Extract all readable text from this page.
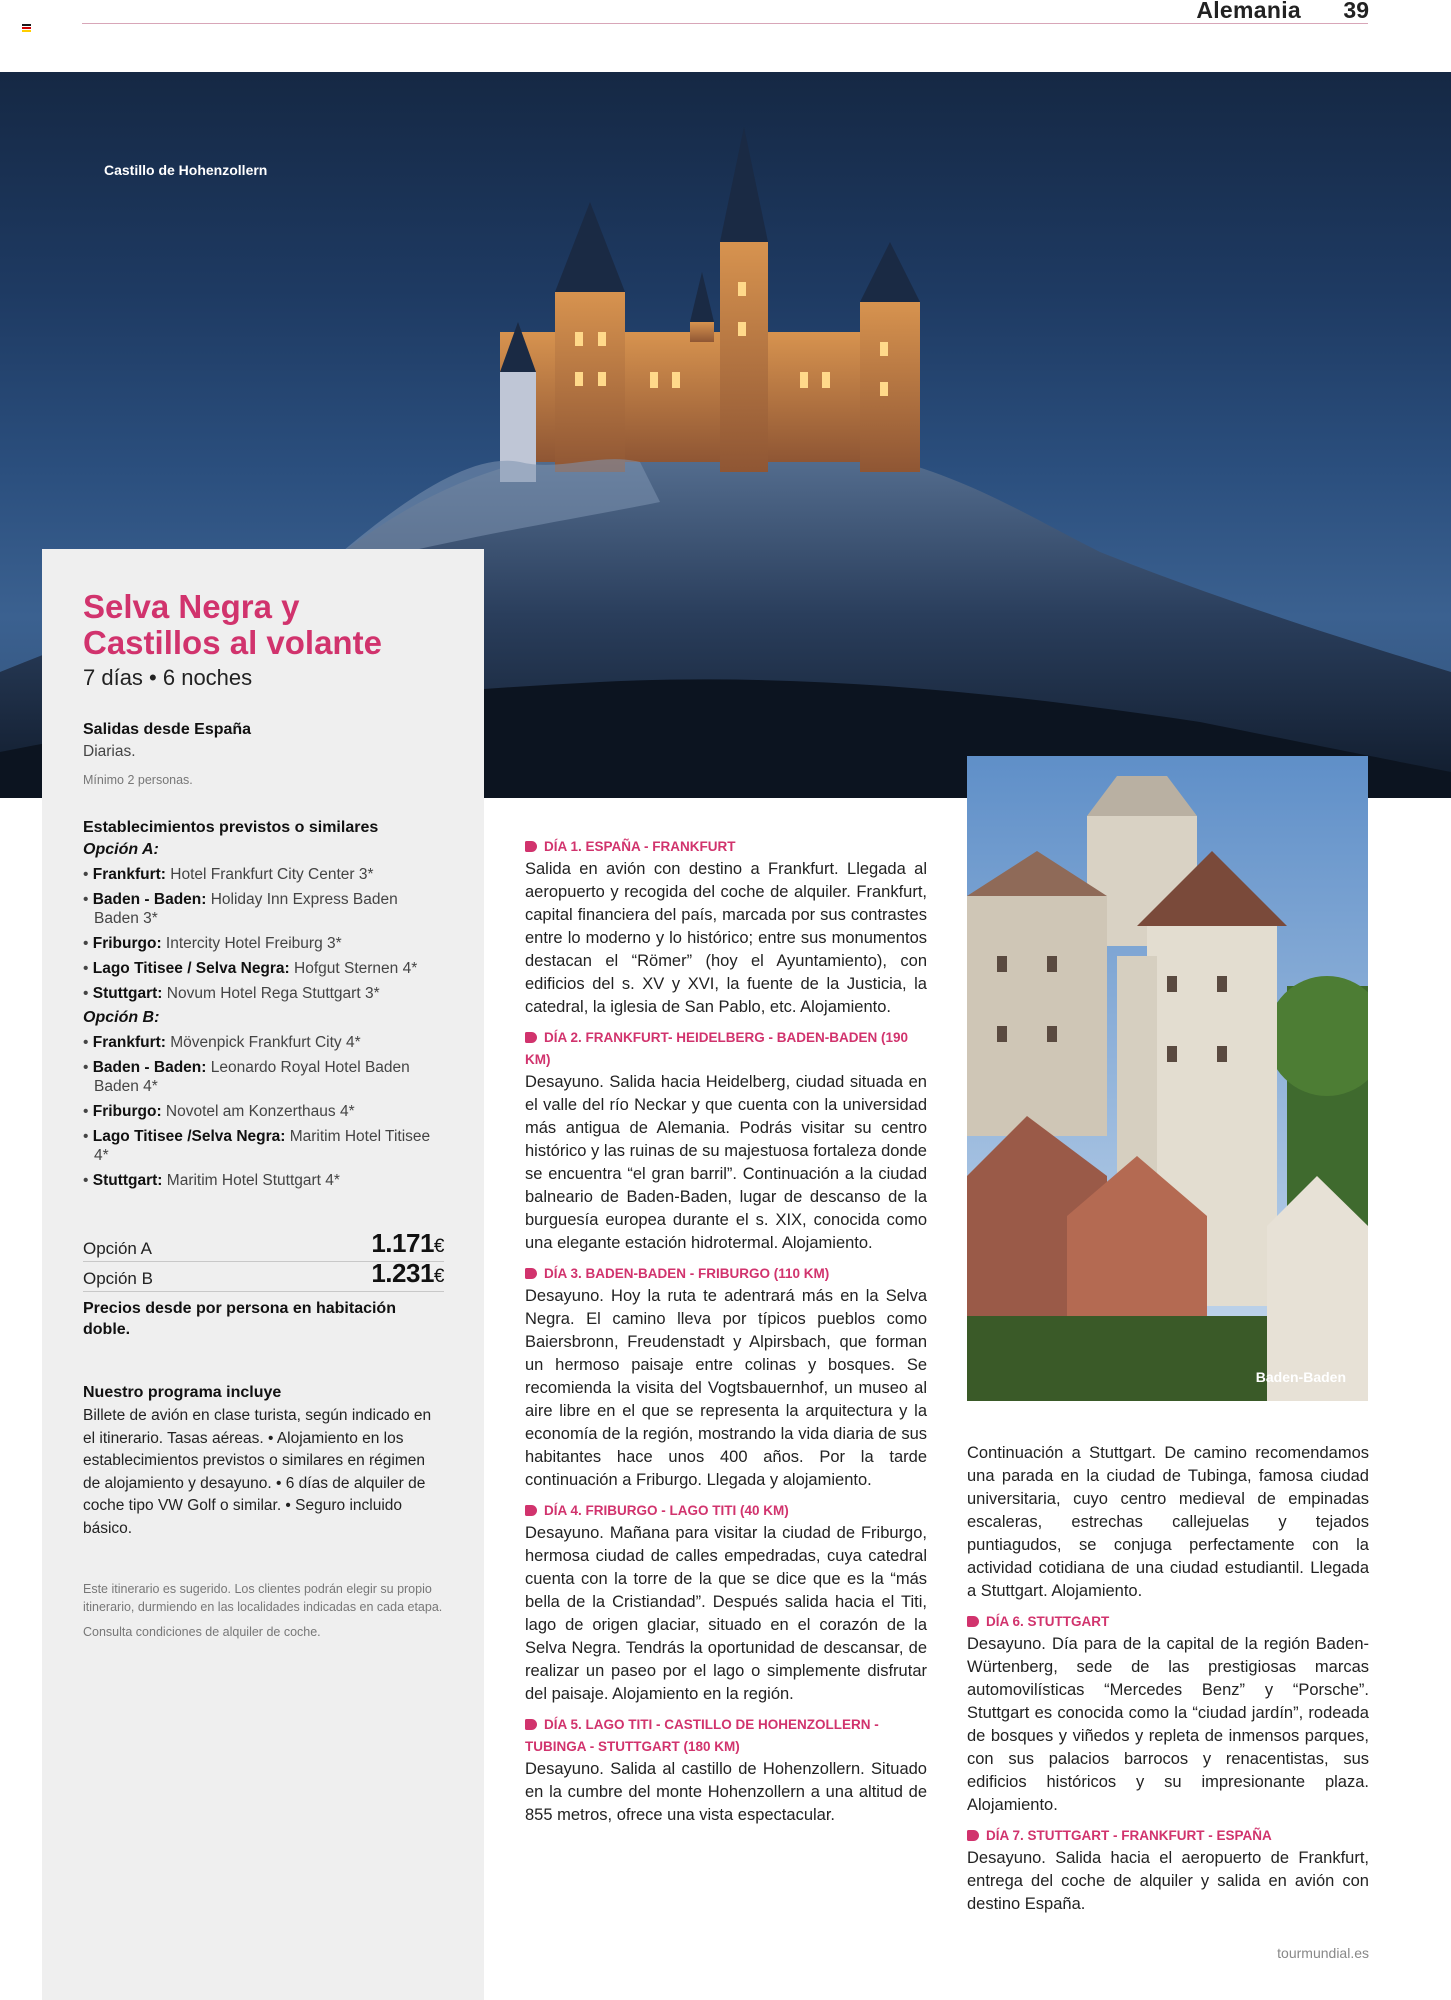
Alemania 39
Castillo de Hohenzollern
Selva Negra y
Castillos al volante
7 días • 6 noches
Salidas desde España
Diarias.
Mínimo 2 personas.
Establecimientos previstos o similares
Opción A:
• Frankfurt: Hotel Frankfurt City Center 3*
• Baden - Baden: Holiday Inn Express Baden Baden 3*
• Friburgo: Intercity Hotel Freiburg 3*
• Lago Titisee / Selva Negra: Hofgut Sternen 4*
• Stuttgart: Novum Hotel Rega Stuttgart 3*
Opción B:
• Frankfurt: Mövenpick Frankfurt City 4*
• Baden - Baden: Leonardo Royal Hotel Baden Baden 4*
• Friburgo: Novotel am Konzerthaus 4*
• Lago Titisee /Selva Negra: Maritim Hotel Titisee 4*
• Stuttgart: Maritim Hotel Stuttgart 4*
Opción A	1.171€
Opción B	1.231€
Precios desde por persona en habitación doble.
Nuestro programa incluye
Billete de avión en clase turista, según indicado en el itinerario. Tasas aéreas. • Alojamiento en los establecimientos previstos o similares en régimen de alojamiento y desayuno. • 6 días de alquiler de coche tipo VW Golf o similar. • Seguro incluido básico.
Este itinerario es sugerido. Los clientes podrán elegir su propio itinerario, durmiendo en las localidades indicadas en cada etapa.
Consulta condiciones de alquiler de coche.
DÍA 1. ESPAÑA - FRANKFURT
Salida en avión con destino a Frankfurt. Llegada al aeropuerto y recogida del coche de alquiler. Frankfurt, capital financiera del país, marcada por sus contrastes entre lo moderno y lo histórico; entre sus monumentos destacan el “Römer” (hoy el Ayuntamiento), con edificios del s. XV y XVI, la fuente de la Justicia, la catedral, la iglesia de San Pablo, etc. Alojamiento.
DÍA 2. FRANKFURT- HEIDELBERG - BADEN-BADEN (190 KM)
Desayuno. Salida hacia Heidelberg, ciudad situada en el valle del río Neckar y que cuenta con la universidad más antigua de Alemania. Podrás visitar su centro histórico y las ruinas de su majestuosa fortaleza donde se encuentra “el gran barril”. Continuación a la ciudad balneario de Baden-Baden, lugar de descanso de la burguesía europea durante el s. XIX, conocida como una elegante estación hidrotermal. Alojamiento.
DÍA 3. BADEN-BADEN - FRIBURGO (110 KM)
Desayuno. Hoy la ruta te adentrará más en la Selva Negra. El camino lleva por típicos pueblos como Baiersbronn, Freudenstadt y Alpirsbach, que forman un hermoso paisaje entre colinas y bosques. Se recomienda la visita del Vogtsbauernhof, un museo al aire libre en el que se representa la arquitectura y la economía de la región, mostrando la vida diaria de sus habitantes hace unos 400 años. Por la tarde continuación a Friburgo. Llegada y alojamiento.
DÍA 4. FRIBURGO - LAGO TITI (40 KM)
Desayuno. Mañana para visitar la ciudad de Friburgo, hermosa ciudad de calles empedradas, cuya catedral cuenta con la torre de la que se dice que es la “más bella de la Cristiandad”. Después salida hacia el Titi, lago de origen glaciar, situado en el corazón de la Selva Negra. Tendrás la oportunidad de descansar, de realizar un paseo por el lago o simplemente disfrutar del paisaje. Alojamiento en la región.
DÍA 5. LAGO TITI - CASTILLO DE HOHENZOLLERN - TUBINGA - STUTTGART (180 KM)
Desayuno. Salida al castillo de Hohenzollern. Situado en la cumbre del monte Hohenzollern a una altitud de 855 metros, ofrece una vista espectacular.
Baden-Baden
Continuación a Stuttgart. De camino recomendamos una parada en la ciudad de Tubinga, famosa ciudad universitaria, cuyo centro medieval de empinadas escaleras, estrechas callejuelas y tejados puntiagudos, se conjuga perfectamente con la actividad cotidiana de una ciudad estudiantil. Llegada a Stuttgart. Alojamiento.
DÍA 6. STUTTGART
Desayuno. Día para de la capital de la región Baden-Würtenberg, sede de las prestigiosas marcas automovilísticas “Mercedes Benz” y “Porsche”. Stuttgart es conocida como la “ciudad jardín”, rodeada de bosques y viñedos y repleta de inmensos parques, con sus palacios barrocos y renacentistas, sus edificios históricos y su impresionante plaza. Alojamiento.
DÍA 7. STUTTGART - FRANKFURT - ESPAÑA
Desayuno. Salida hacia el aeropuerto de Frankfurt, entrega del coche de alquiler y salida en avión con destino España.
tourmundial.es
